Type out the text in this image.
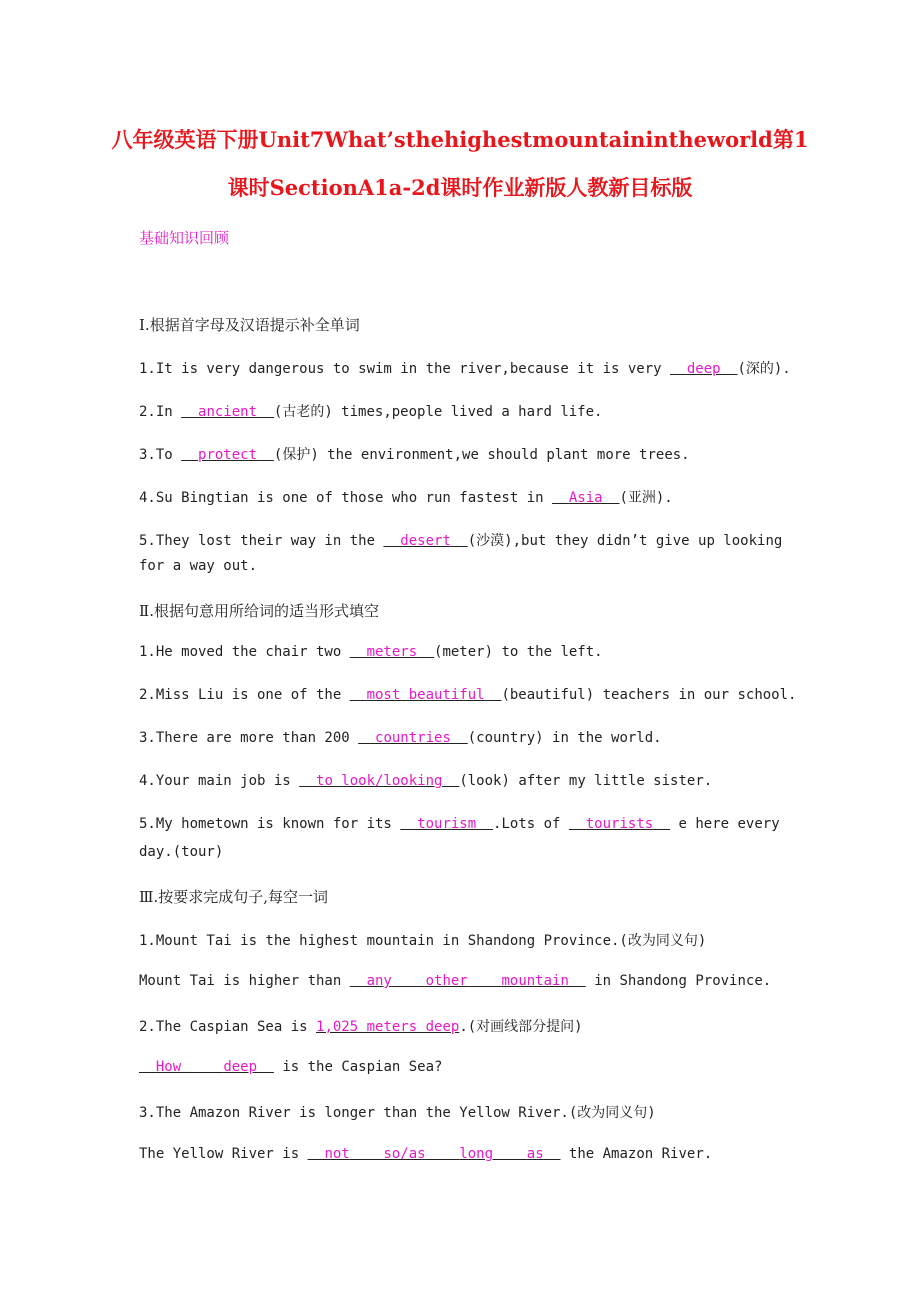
八年级英语下册Unit7What’sthehighestmountainintheworld第1
课时SectionA1a-2d课时作业新版人教新目标版
基础知识回顾
Ⅰ.根据首字母及汉语提示补全单词
1.It is very dangerous to swim in the river,because it is very   deep (深的).
2.In   ancient (古老的) times,people lived a hard life.
3.To   protect (保护) the environment,we should plant more trees.
4.Su Bingtian is one of those who run fastest in   Asia (亚洲).
5.They lost their way in the   desert (沙漠),but they didn’t give up looking
for a way out.
Ⅱ.根据句意用所给词的适当形式填空
1.He moved the chair two   meters (meter) to the left.
2.Miss Liu is one of the   most beautiful (beautiful) teachers in our school.
3.There are more than 200   countries (country) in the world.
4.Your main job is   to look/looking (look) after my little sister.
5.My hometown is known for its   tourism .Lots of   tourists   e here every
day.(tour)
Ⅲ.按要求完成句子,每空一词
1.Mount Tai is the highest mountain in Shandong Province.(改为同义句)
Mount Tai is higher than   any other mountain   in Shandong Province.
2.The Caspian Sea is 1,025 meters deep.(对画线部分提问)
How	deep   is the Caspian Sea?
3.The Amazon River is longer than the Yellow River.(改为同义句)
The Yellow River is   not so/as long as   the Amazon River.
